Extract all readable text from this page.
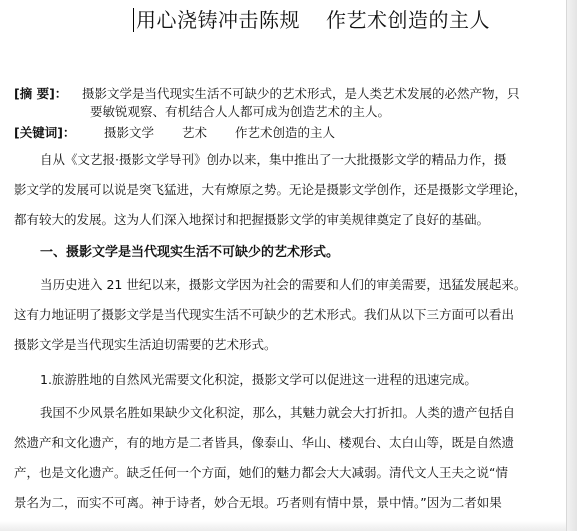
用心浇铸冲击陈规 作艺术创造的主人
[摘 要]： 摄影文学是当代现实生活不可缺少的艺术形式，是人类艺术发展的必然产物，只
要敏锐观察、有机结合人人都可成为创造艺术的主人。
[关键词]： 摄影文学 艺术 作艺术创造的主人
自从《文艺报·摄影文学导刊》创办以来，集中推出了一大批摄影文学的精品力作，摄
影文学的发展可以说是突飞猛进，大有燎原之势。无论是摄影文学创作，还是摄影文学理论，
都有较大的发展。这为人们深入地探讨和把握摄影文学的审美规律奠定了良好的基础。
一、摄影文学是当代现实生活不可缺少的艺术形式。
当历史进入 21 世纪以来，摄影文学因为社会的需要和人们的审美需要，迅猛发展起来。
这有力地证明了摄影文学是当代现实生活不可缺少的艺术形式。我们从以下三方面可以看出
摄影文学是当代现实生活迫切需要的艺术形式。
1.旅游胜地的自然风光需要文化积淀，摄影文学可以促进这一进程的迅速完成。
我国不少风景名胜如果缺少文化积淀，那么，其魅力就会大打折扣。人类的遗产包括自
然遗产和文化遗产，有的地方是二者皆具，像泰山、华山、楼观台、太白山等，既是自然遗
产，也是文化遗产。缺乏任何一个方面，她们的魅力都会大大减弱。清代文人王夫之说“情
景名为二，而实不可离。神于诗者，妙合无垠。巧者则有情中景，景中情。”因为二者如果
